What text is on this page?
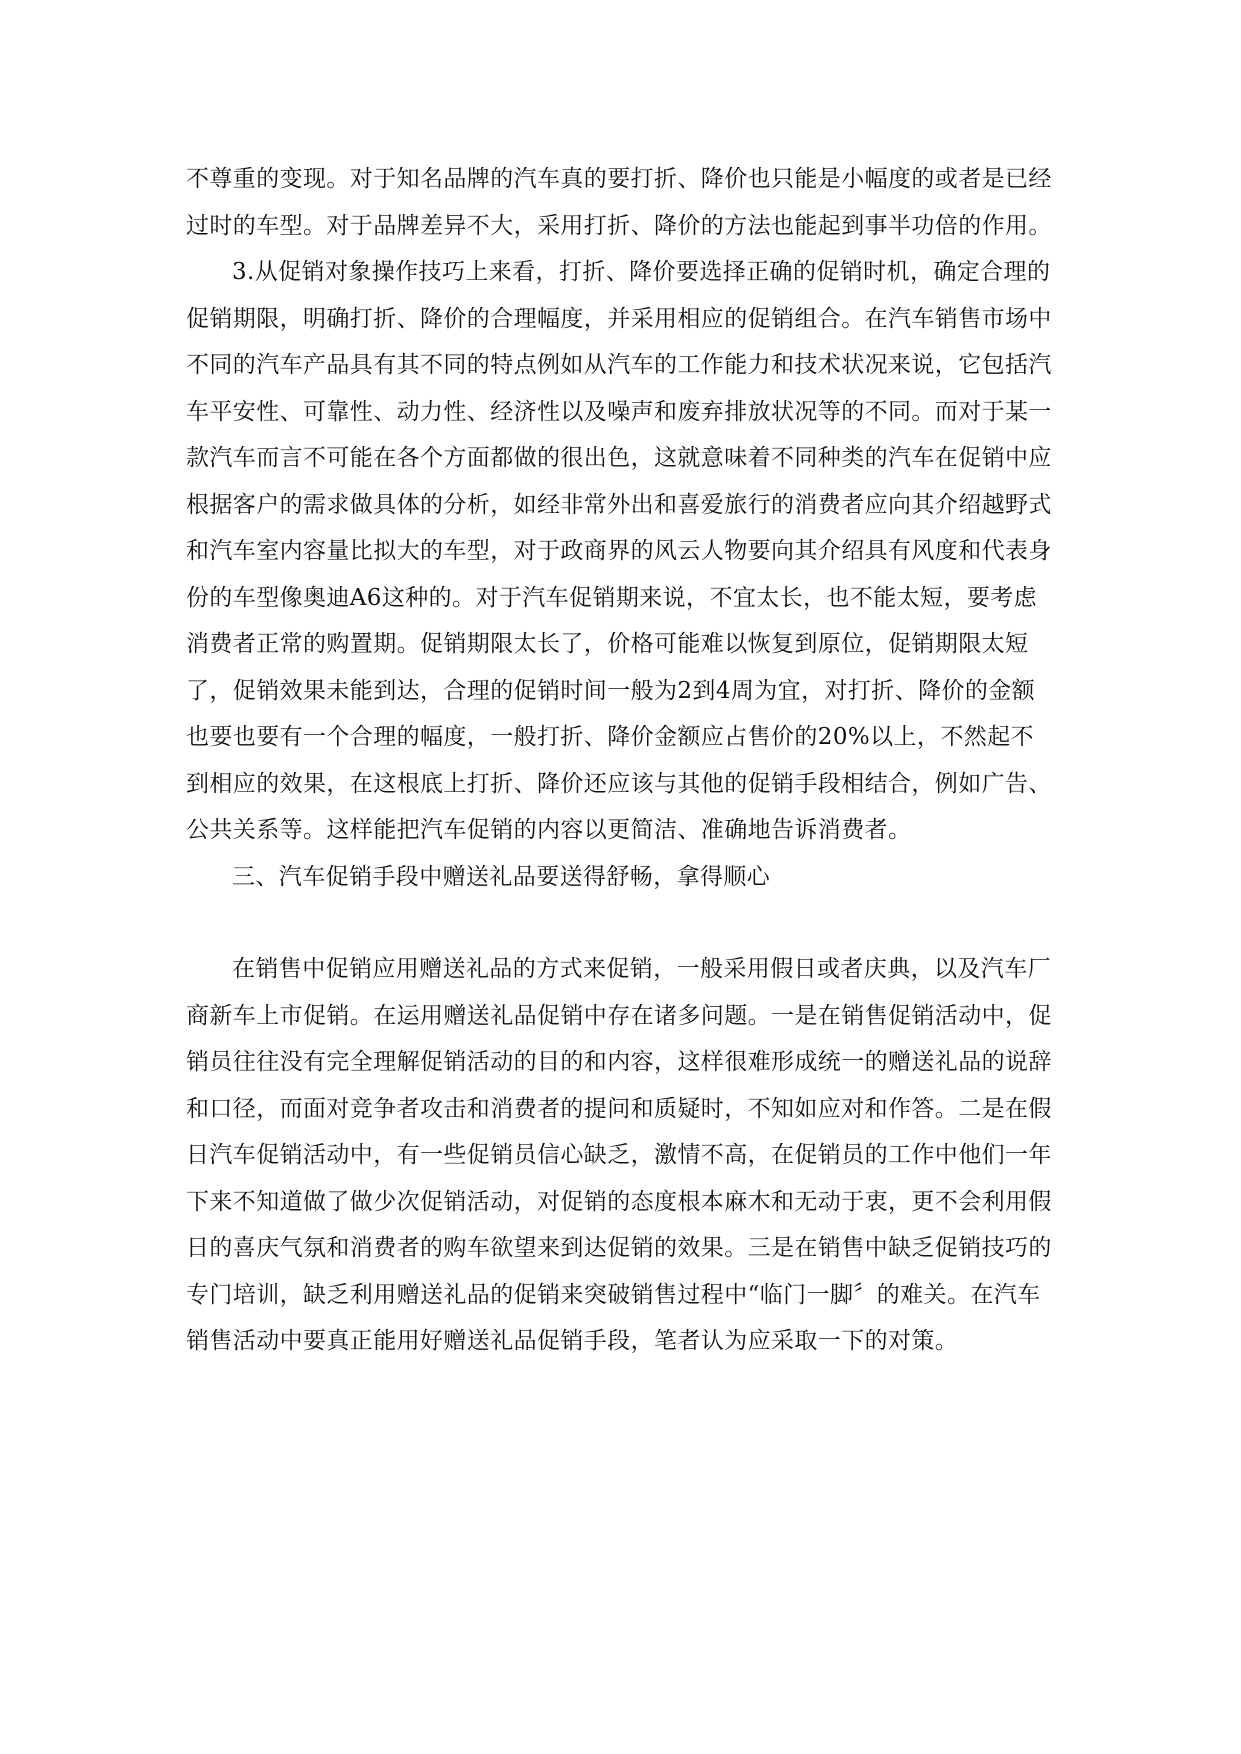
不尊重的变现。对于知名品牌的汽车真的要打折、降价也只能是小幅度的或者是已经过时的车型。对于品牌差异不大，采用打折、降价的方法也能起到事半功倍的作用。

3.从促销对象操作技巧上来看，打折、降价要选择正确的促销时机，确定合理的促销期限，明确打折、降价的合理幅度，并采用相应的促销组合。在汽车销售市场中不同的汽车产品具有其不同的特点例如从汽车的工作能力和技术状况来说，它包括汽车平安性、可靠性、动力性、经济性以及噪声和废弃排放状况等的不同。而对于某一款汽车而言不可能在各个方面都做的很出色，这就意味着不同种类的汽车在促销中应根据客户的需求做具体的分析，如经非常外出和喜爱旅行的消费者应向其介绍越野式和汽车室内容量比拟大的车型，对于政商界的风云人物要向其介绍具有风度和代表身份的车型像奥迪A6这种的。对于汽车促销期来说，不宜太长，也不能太短，要考虑消费者正常的购置期。促销期限太长了，价格可能难以恢复到原位，促销期限太短了，促销效果未能到达，合理的促销时间一般为2到4周为宜，对打折、降价的金额也要也要有一个合理的幅度，一般打折、降价金额应占售价的20%以上，不然起不到相应的效果，在这根底上打折、降价还应该与其他的促销手段相结合，例如广告、公共关系等。这样能把汽车促销的内容以更简洁、准确地告诉消费者。

三、汽车促销手段中赠送礼品要送得舒畅，拿得顺心

在销售中促销应用赠送礼品的方式来促销，一般采用假日或者庆典，以及汽车厂商新车上市促销。在运用赠送礼品促销中存在诸多问题。一是在销售促销活动中，促销员往往没有完全理解促销活动的目的和内容，这样很难形成统一的赠送礼品的说辞和口径，而面对竞争者攻击和消费者的提问和质疑时，不知如应对和作答。二是在假日汽车促销活动中，有一些促销员信心缺乏，激情不高，在促销员的工作中他们一年下来不知道做了做少次促销活动，对促销的态度根本麻木和无动于衷，更不会利用假日的喜庆气氛和消费者的购车欲望来到达促销的效果。三是在销售中缺乏促销技巧的专门培训，缺乏利用赠送礼品的促销来突破销售过程中“临门一脚〞的难关。在汽车销售活动中要真正能用好赠送礼品促销手段，笔者认为应采取一下的对策。
